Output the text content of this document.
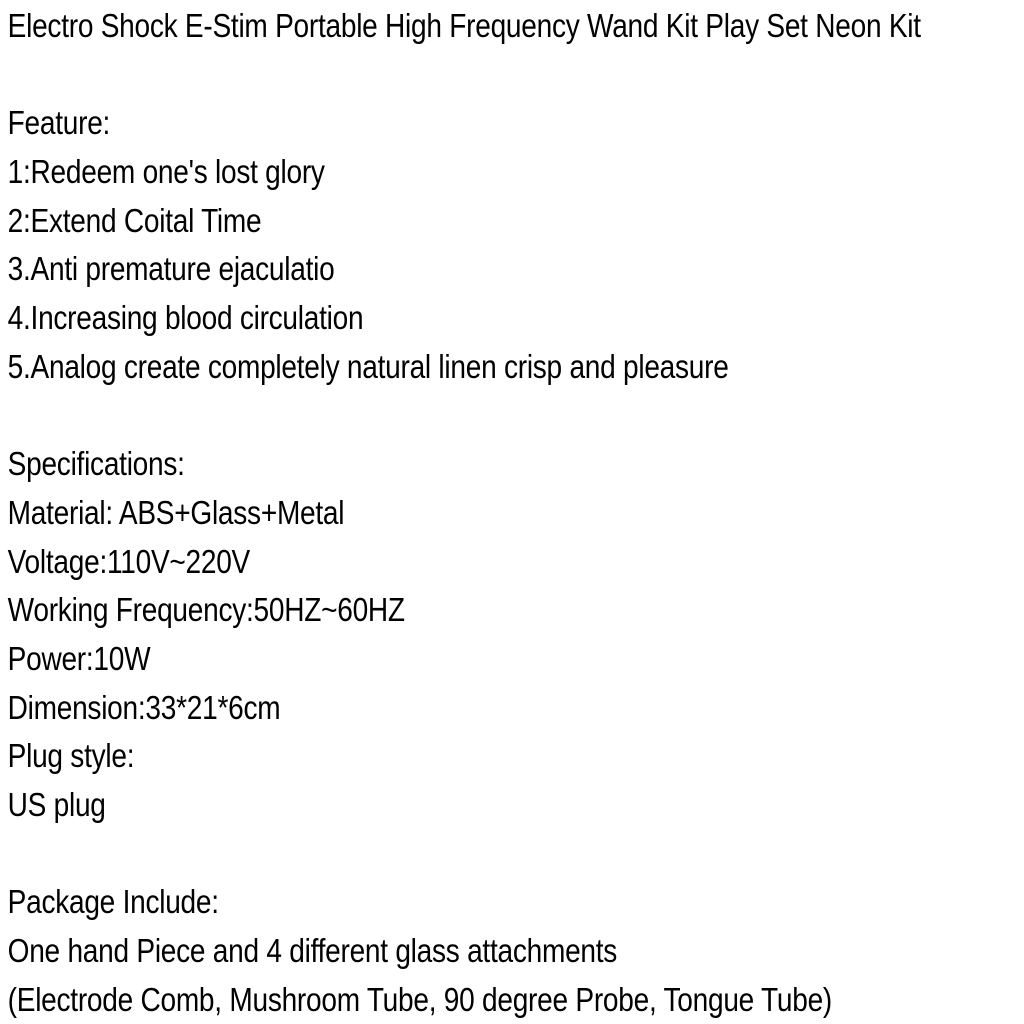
Electro Shock E-Stim Portable High Frequency Wand Kit Play Set Neon Kit
Feature:
1:Redeem one's lost glory
2:Extend Coital Time
3.Anti premature ejaculatio
4.Increasing blood circulation
5.Analog create completely natural linen crisp and pleasure
Specifications:
Material: ABS+Glass+Metal
Voltage:110V~220V
Working Frequency:50HZ~60HZ
Power:10W
Dimension:33*21*6cm
Plug style:
US plug
Package Include:
One hand Piece and 4 different glass attachments
(Electrode Comb, Mushroom Tube, 90 degree Probe, Tongue Tube)
